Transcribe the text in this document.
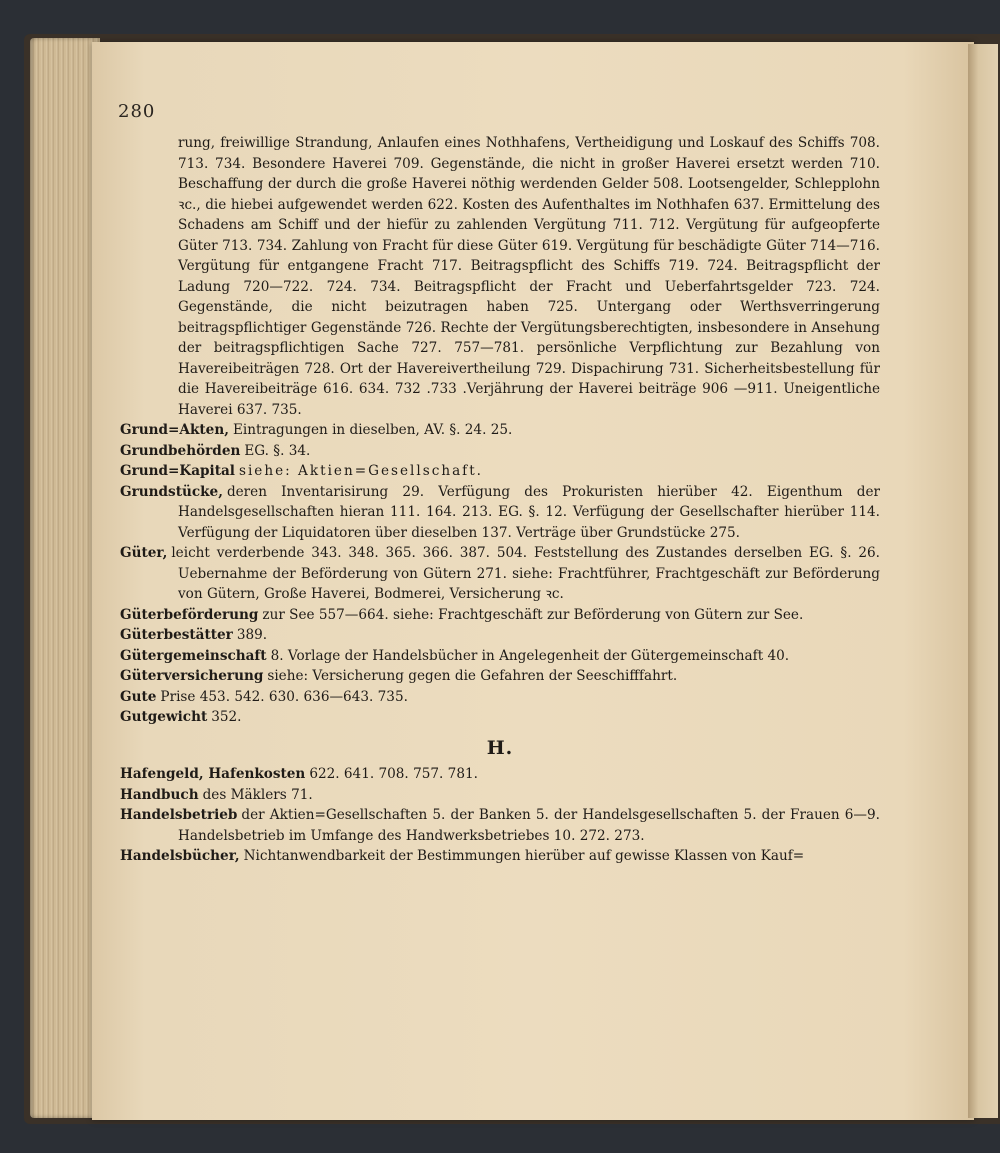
280

rung, freiwillige Strandung, Anlaufen eines Nothhafens, Vertheidigung und Loskauf des Schiffs 708. 713. 734. Besondere Haverei 709. Gegenstände, die nicht in großer Haverei ersetzt werden 710. Beschaffung der durch die große Haverei nöthig werdenden Gelder 508. Lootsengelder, Schlepplohn ꝛc., die hiebei aufgewendet werden 622. Kosten des Aufenthaltes im Nothhafen 637. Ermittelung des Schadens am Schiff und der hiefür zu zahlenden Vergütung 711. 712. Vergütung für aufgeopferte Güter 713. 734. Zahlung von Fracht für diese Güter 619. Vergütung für beschädigte Güter 714—716. Vergütung für entgangene Fracht 717. Beitragspflicht des Schiffs 719. 724. Beitragspflicht der Ladung 720—722. 724. 734. Beitragspflicht der Fracht und Ueberfahrtsgelder 723. 724. Gegenstände, die nicht beizutragen haben 725. Untergang oder Werthsverringerung beitragspflichtiger Gegenstände 726. Rechte der Vergütungsberechtigten, insbesondere in Ansehung der beitragspflichtigen Sache 727. 757—781. persönliche Verpflichtung zur Bezahlung von Havereibeiträgen 728. Ort der Havereivertheilung 729. Dispachirung 731. Sicherheitsbestellung für die Havereibeiträge 616. 634. 732 .733 .Verjährung der Haverei beiträge 906 —911. Uneigentliche Haverei 637. 735.

Grund=Akten, Eintragungen in dieselben, AV. §. 24. 25.

Grundbehörden EG. §. 34.

Grund=Kapital siehe: Aktien=Gesellschaft.

Grundstücke, deren Inventarisirung 29. Verfügung des Prokuristen hierüber 42. Eigenthum der Handelsgesellschaften hieran 111. 164. 213. EG. §. 12. Verfügung der Gesellschafter hierüber 114. Verfügung der Liquidatoren über dieselben 137. Verträge über Grundstücke 275.

Güter, leicht verderbende 343. 348. 365. 366. 387. 504. Feststellung des Zustandes derselben EG. §. 26. Uebernahme der Beförderung von Gütern 271. siehe: Frachtführer, Frachtgeschäft zur Beförderung von Gütern, Große Haverei, Bodmerei, Versicherung ꝛc.

Güterbeförderung zur See 557—664. siehe: Frachtgeschäft zur Beförderung von Gütern zur See.

Güterbestätter 389.

Gütergemeinschaft 8. Vorlage der Handelsbücher in Angelegenheit der Gütergemeinschaft 40.

Güterversicherung siehe: Versicherung gegen die Gefahren der Seeschifffahrt.

Gute Prise 453. 542. 630. 636—643. 735.

Gutgewicht 352.

H.

Hafengeld, Hafenkosten 622. 641. 708. 757. 781.

Handbuch des Mäklers 71.

Handelsbetrieb der Aktien=Gesellschaften 5. der Banken 5. der Handelsgesellschaften 5. der Frauen 6—9. Handelsbetrieb im Umfange des Handwerksbetriebes 10. 272. 273.

Handelsbücher, Nichtanwendbarkeit der Bestimmungen hierüber auf gewisse Klassen von Kauf=
